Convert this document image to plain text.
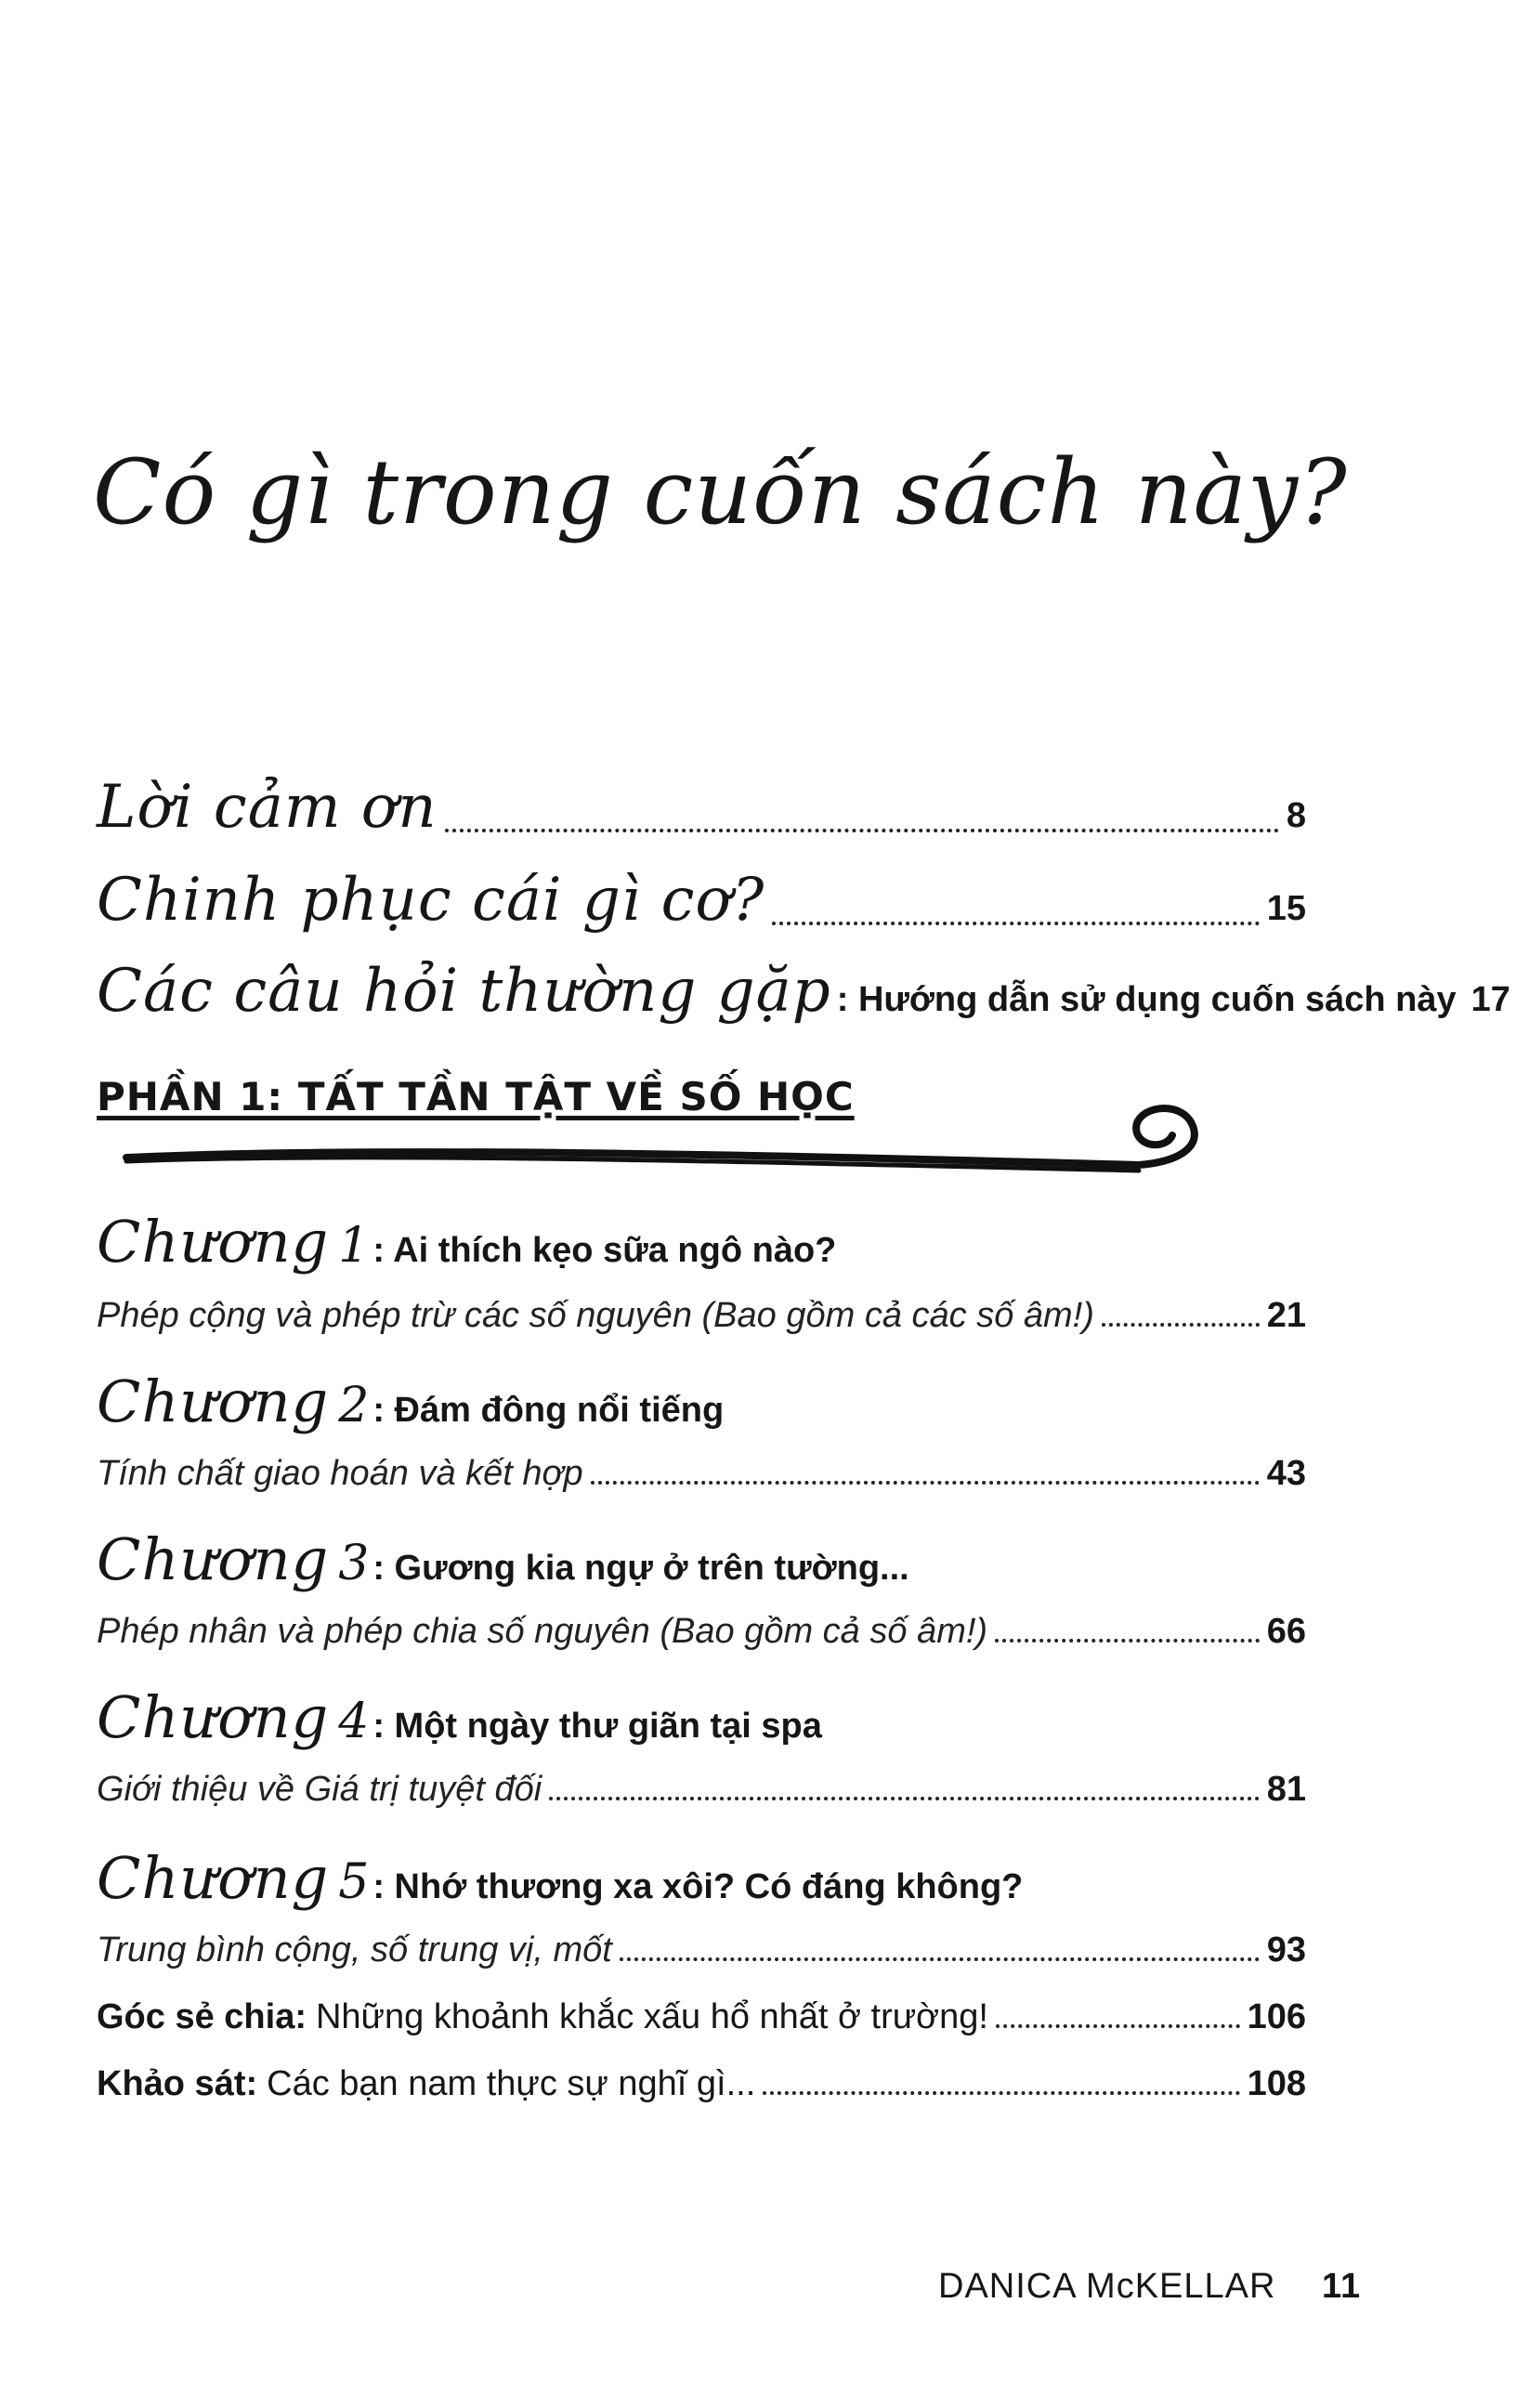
Có gì trong cuốn sách này?
Lời cảm ơn	8
Chinh phục cái gì cơ?	15
Các câu hỏi thường gặp : Hướng dẫn sử dụng cuốn sách này 17
PHẦN 1: TẤT TẦN TẬT VỀ SỐ HỌC
Chương 1 : Ai thích kẹo sữa ngô nào?
Phép cộng và phép trừ các số nguyên (Bao gồm cả các số âm!)	21
Chương 2 : Đám đông nổi tiếng
Tính chất giao hoán và kết hợp	43
Chương 3 : Gương kia ngự ở trên tường...
Phép nhân và phép chia số nguyên (Bao gồm cả số âm!)	66
Chương 4 : Một ngày thư giãn tại spa
Giới thiệu về Giá trị tuyệt đối	81
Chương 5 : Nhớ thương xa xôi? Có đáng không?
Trung bình cộng, số trung vị, mốt	93
Góc sẻ chia: Những khoảnh khắc xấu hổ nhất ở trường!	106
Khảo sát: Các bạn nam thực sự nghĩ gì...	108
DANICA McKELLAR 11
